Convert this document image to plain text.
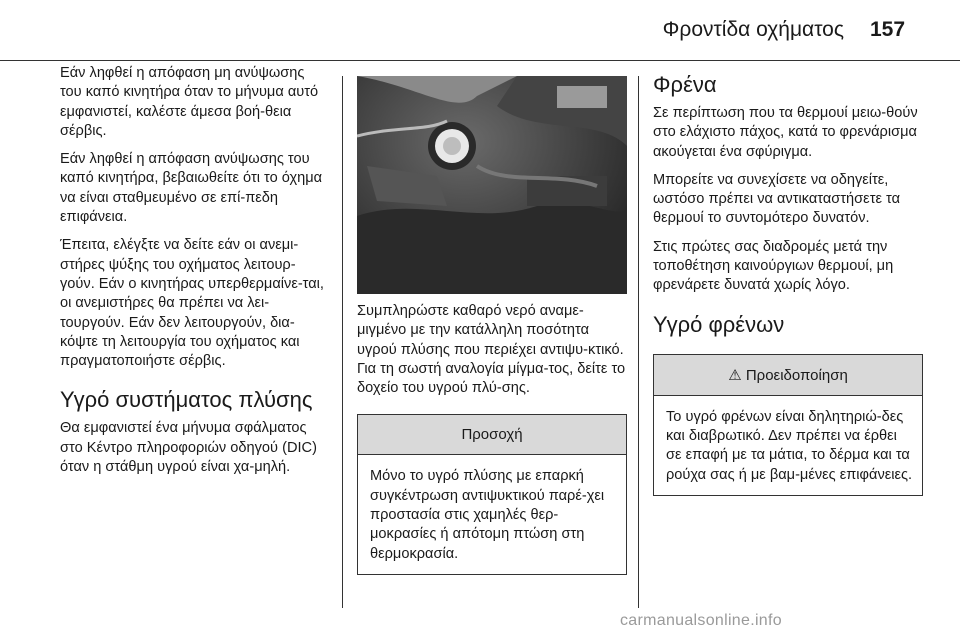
Φροντίδα οχήματος 157

Εάν ληφθεί η απόφαση μη ανύψωσης του καπό κινητήρα όταν το μήνυμα αυτό εμφανιστεί, καλέστε άμεσα βοή-θεια σέρβις.

Εάν ληφθεί η απόφαση ανύψωσης του καπό κινητήρα, βεβαιωθείτε ότι το όχημα να είναι σταθμευμένο σε επί-πεδη επιφάνεια.

Έπειτα, ελέγξτε να δείτε εάν οι ανεμι-στήρες ψύξης του οχήματος λειτουρ-γούν. Εάν ο κινητήρας υπερθερμαίνε-ται, οι ανεμιστήρες θα πρέπει να λει-τουργούν. Εάν δεν λειτουργούν, δια-κόψτε τη λειτουργία του οχήματος και πραγματοποιήστε σέρβις.

Υγρό συστήματος πλύσης

Θα εμφανιστεί ένα μήνυμα σφάλματος στο Κέντρο πληροφοριών οδηγού (DIC) όταν η στάθμη υγρού είναι χα-μηλή.

Συμπληρώστε καθαρό νερό αναμε-μιγμένο με την κατάλληλη ποσότητα υγρού πλύσης που περιέχει αντιψυ-κτικό. Για τη σωστή αναλογία μίγμα-τος, δείτε το δοχείο του υγρού πλύ-σης.

Προσοχή

Μόνο το υγρό πλύσης με επαρκή συγκέντρωση αντιψυκτικού παρέ-χει προστασία στις χαμηλές θερ-μοκρασίες ή απότομη πτώση στη θερμοκρασία.

Φρένα

Σε περίπτωση που τα θερμουί μειω-θούν στο ελάχιστο πάχος, κατά το φρενάρισμα ακούγεται ένα σφύριγμα.

Μπορείτε να συνεχίσετε να οδηγείτε, ωστόσο πρέπει να αντικαταστήσετε τα θερμουί το συντομότερο δυνατόν.

Στις πρώτες σας διαδρομές μετά την τοποθέτηση καινούργιων θερμουί, μη φρενάρετε δυνατά χωρίς λόγο.

Υγρό φρένων
⚠ Προειδοποίηση

Το υγρό φρένων είναι δηλητηριώ-δες και διαβρωτικό. Δεν πρέπει να έρθει σε επαφή με τα μάτια, το δέρμα και τα ρούχα σας ή με βαμ-μένες επιφάνειες.

carmanualsonline.info
